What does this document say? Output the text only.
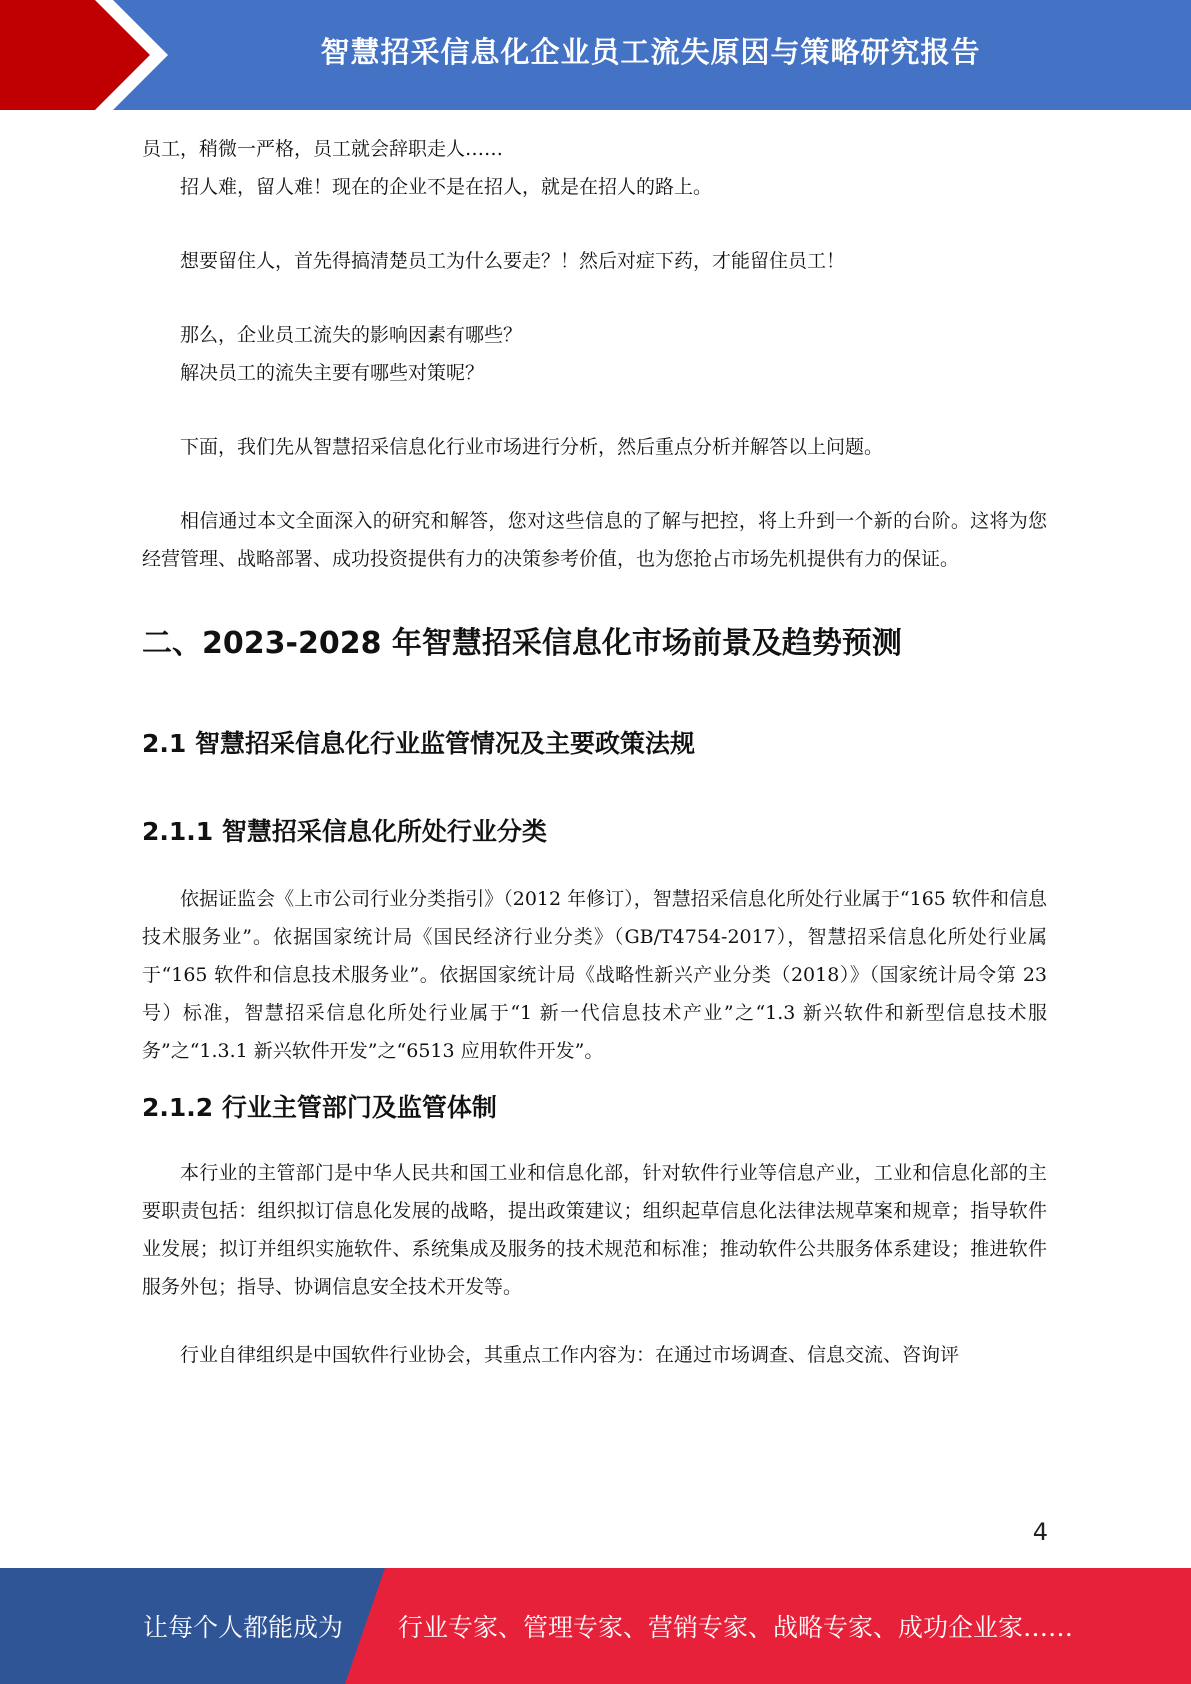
智慧招采信息化企业员工流失原因与策略研究报告

员工，稍微一严格，员工就会辞职走人……

招人难，留人难！现在的企业不是在招人，就是在招人的路上。

想要留住人，首先得搞清楚员工为什么要走？！然后对症下药，才能留住员工！

那么，企业员工流失的影响因素有哪些？

解决员工的流失主要有哪些对策呢？

下面，我们先从智慧招采信息化行业市场进行分析，然后重点分析并解答以上问题。

相信通过本文全面深入的研究和解答，您对这些信息的了解与把控，将上升到一个新的台阶。这将为您经营管理、战略部署、成功投资提供有力的决策参考价值，也为您抢占市场先机提供有力的保证。

二、2023-2028 年智慧招采信息化市场前景及趋势预测
2.1 智慧招采信息化行业监管情况及主要政策法规
2.1.1 智慧招采信息化所处行业分类

依据证监会《上市公司行业分类指引》（2012 年修订），智慧招采信息化所处行业属于“165 软件和信息技术服务业”。依据国家统计局《国民经济行业分类》（GB/T4754-2017），智慧招采信息化所处行业属于“165 软件和信息技术服务业”。依据国家统计局《战略性新兴产业分类（2018）》（国家统计局令第 23 号）标准，智慧招采信息化所处行业属于“1 新一代信息技术产业”之“1.3 新兴软件和新型信息技术服务”之“1.3.1 新兴软件开发”之“6513 应用软件开发”。

2.1.2 行业主管部门及监管体制

本行业的主管部门是中华人民共和国工业和信息化部，针对软件行业等信息产业，工业和信息化部的主要职责包括：组织拟订信息化发展的战略，提出政策建议；组织起草信息化法律法规草案和规章；指导软件业发展；拟订并组织实施软件、系统集成及服务的技术规范和标准；推动软件公共服务体系建设；推进软件服务外包；指导、协调信息安全技术开发等。

行业自律组织是中国软件行业协会，其重点工作内容为：在通过市场调查、信息交流、咨询评

4
让每个人都能成为 行业专家、管理专家、营销专家、战略专家、成功企业家……
